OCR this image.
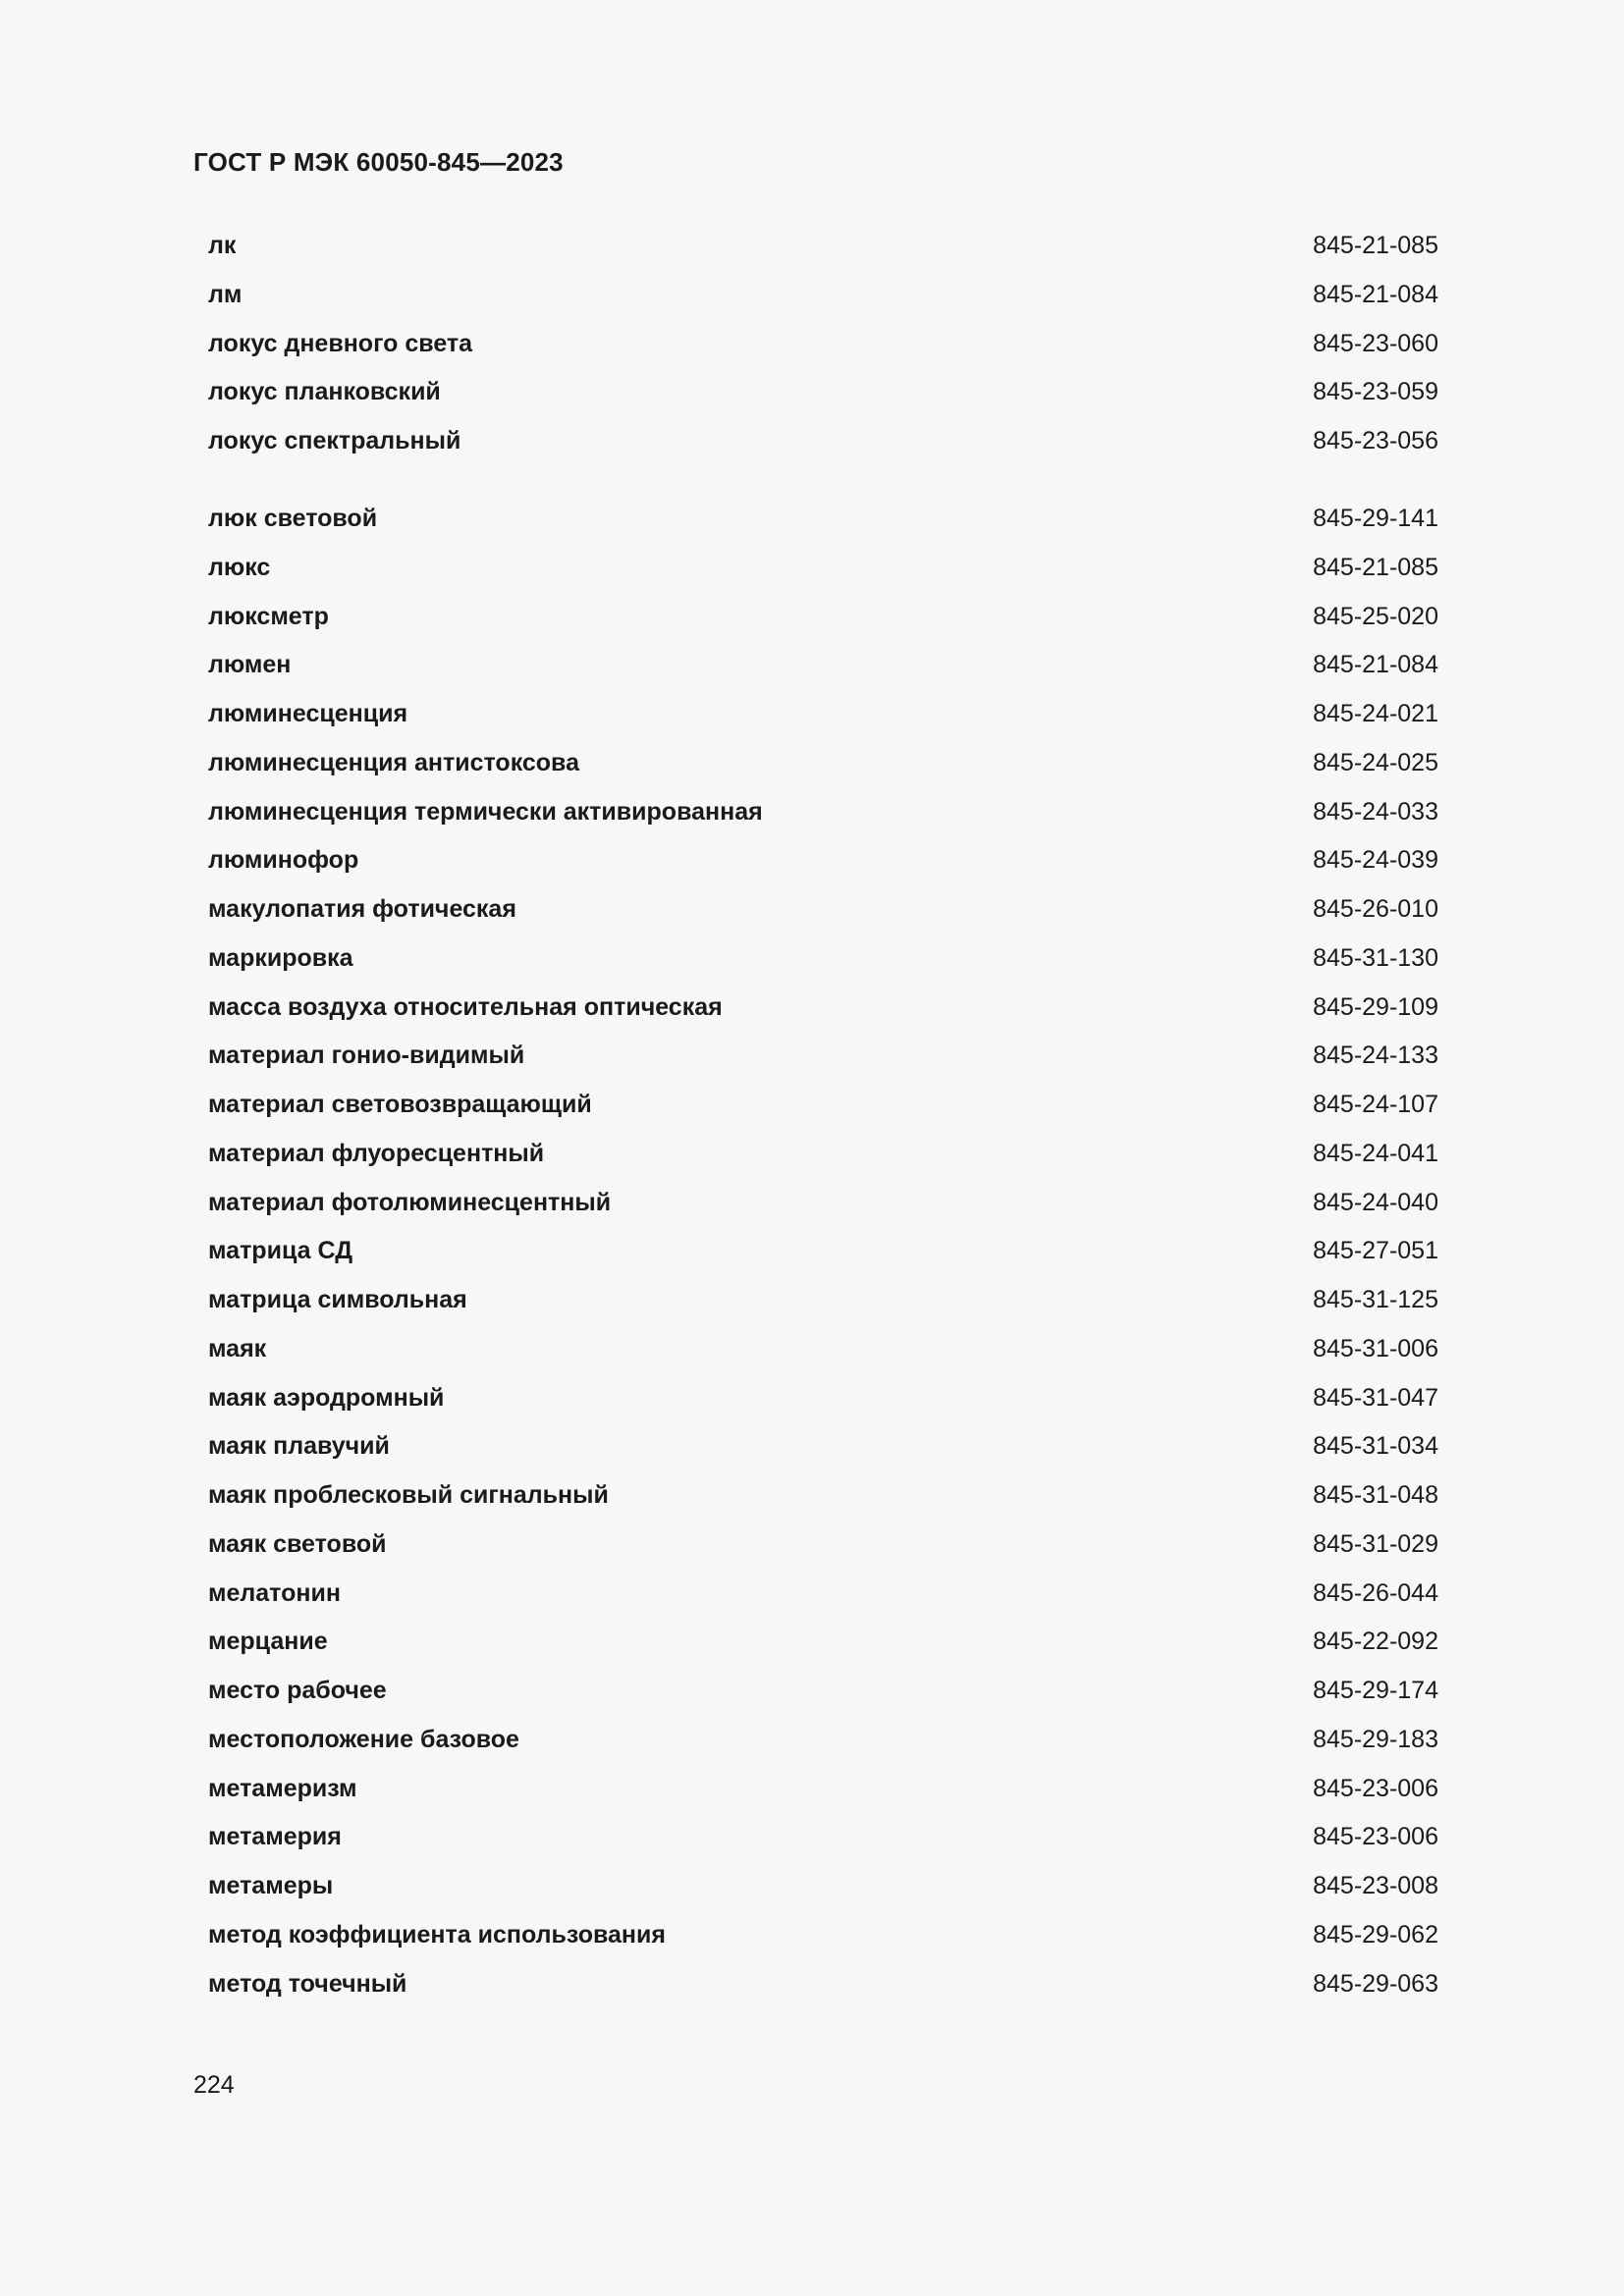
ГОСТ Р МЭК 60050-845—2023
лк	845-21-085
лм	845-21-084
локус дневного света	845-23-060
локус планковский	845-23-059
локус спектральный	845-23-056
люк световой	845-29-141
люкс	845-21-085
люксметр	845-25-020
люмен	845-21-084
люминесценция	845-24-021
люминесценция антистоксова	845-24-025
люминесценция термически активированная	845-24-033
люминофор	845-24-039
макулопатия фотическая	845-26-010
маркировка	845-31-130
масса воздуха относительная оптическая	845-29-109
материал гонио-видимый	845-24-133
материал световозвращающий	845-24-107
материал флуоресцентный	845-24-041
материал фотолюминесцентный	845-24-040
матрица СД	845-27-051
матрица символьная	845-31-125
маяк	845-31-006
маяк аэродромный	845-31-047
маяк плавучий	845-31-034
маяк проблесковый сигнальный	845-31-048
маяк световой	845-31-029
мелатонин	845-26-044
мерцание	845-22-092
место рабочее	845-29-174
местоположение базовое	845-29-183
метамеризм	845-23-006
метамерия	845-23-006
метамеры	845-23-008
метод коэффициента использования	845-29-062
метод точечный	845-29-063
224
